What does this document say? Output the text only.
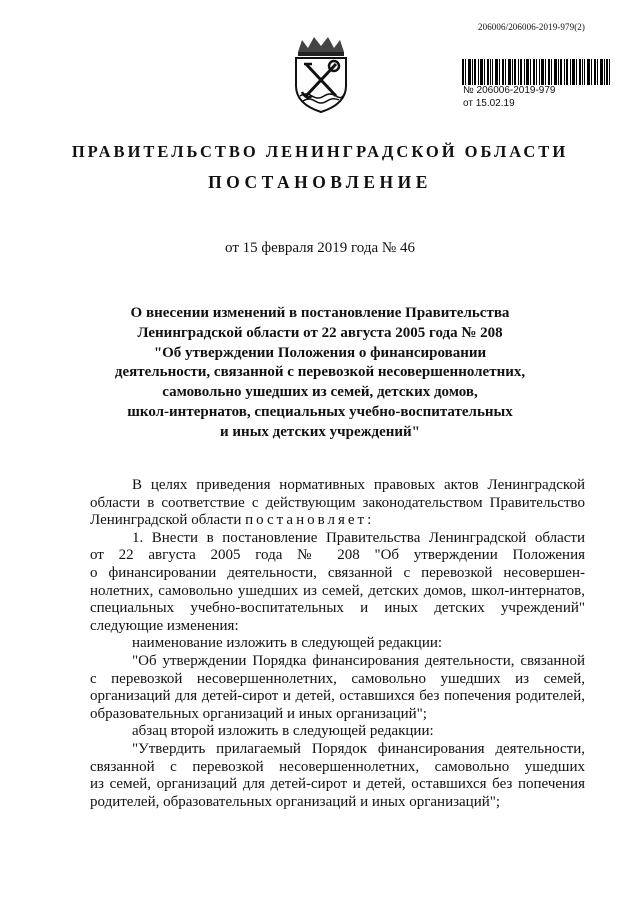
206006/206006-2019-979(2)
№ 206006-2019-979
от 15.02.19
ПРАВИТЕЛЬСТВО ЛЕНИНГРАДСКОЙ ОБЛАСТИ
ПОСТАНОВЛЕНИЕ
от 15 февраля 2019 года № 46
О внесении изменений в постановление Правительства
Ленинградской области от 22 августа 2005 года № 208
"Об утверждении Положения о финансировании
деятельности, связанной с перевозкой несовершеннолетних,
самовольно ушедших из семей, детских домов,
школ-интернатов, специальных учебно-воспитательных
и иных детских учреждений"
В целях приведения нормативных правовых актов Ленинградской
области в соответствие с действующим законодательством Правительство
Ленинградской области постановляет:
1. Внести в постановление Правительства Ленинградской области
от 22 августа 2005 года № 208 "Об утверждении Положения
о финансировании деятельности, связанной с перевозкой несовершен-
нолетних, самовольно ушедших из семей, детских домов, школ-интернатов,
специальных учебно-воспитательных и иных детских учреждений"
следующие изменения:
наименование изложить в следующей редакции:
"Об утверждении Порядка финансирования деятельности, связанной
с перевозкой несовершеннолетних, самовольно ушедших из семей,
организаций для детей-сирот и детей, оставшихся без попечения родителей,
образовательных организаций и иных организаций";
абзац второй изложить в следующей редакции:
"Утвердить прилагаемый Порядок финансирования деятельности,
связанной с перевозкой несовершеннолетних, самовольно ушедших
из семей, организаций для детей-сирот и детей, оставшихся без попечения
родителей, образовательных организаций и иных организаций";
